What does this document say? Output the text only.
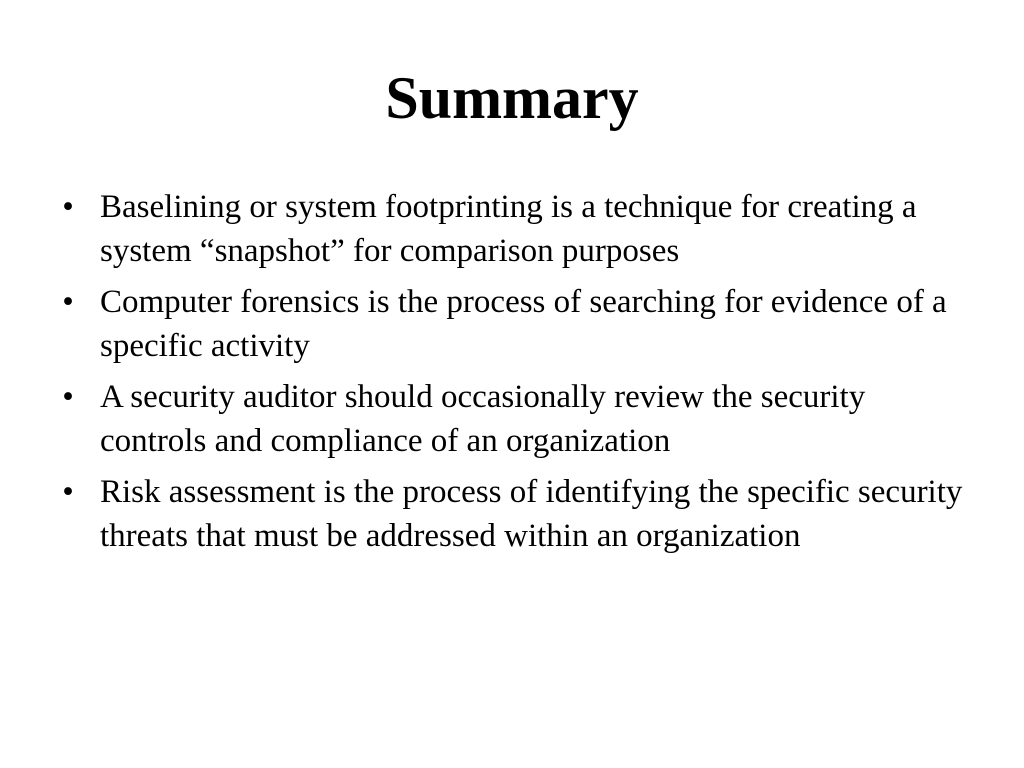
Summary
• Baselining or system footprinting is a technique for creating a system “snapshot” for comparison purposes
• Computer forensics is the process of searching for evidence of a specific activity
• A security auditor should occasionally review the security controls and compliance of an organization
• Risk assessment is the process of identifying the specific security threats that must be addressed within an organization
